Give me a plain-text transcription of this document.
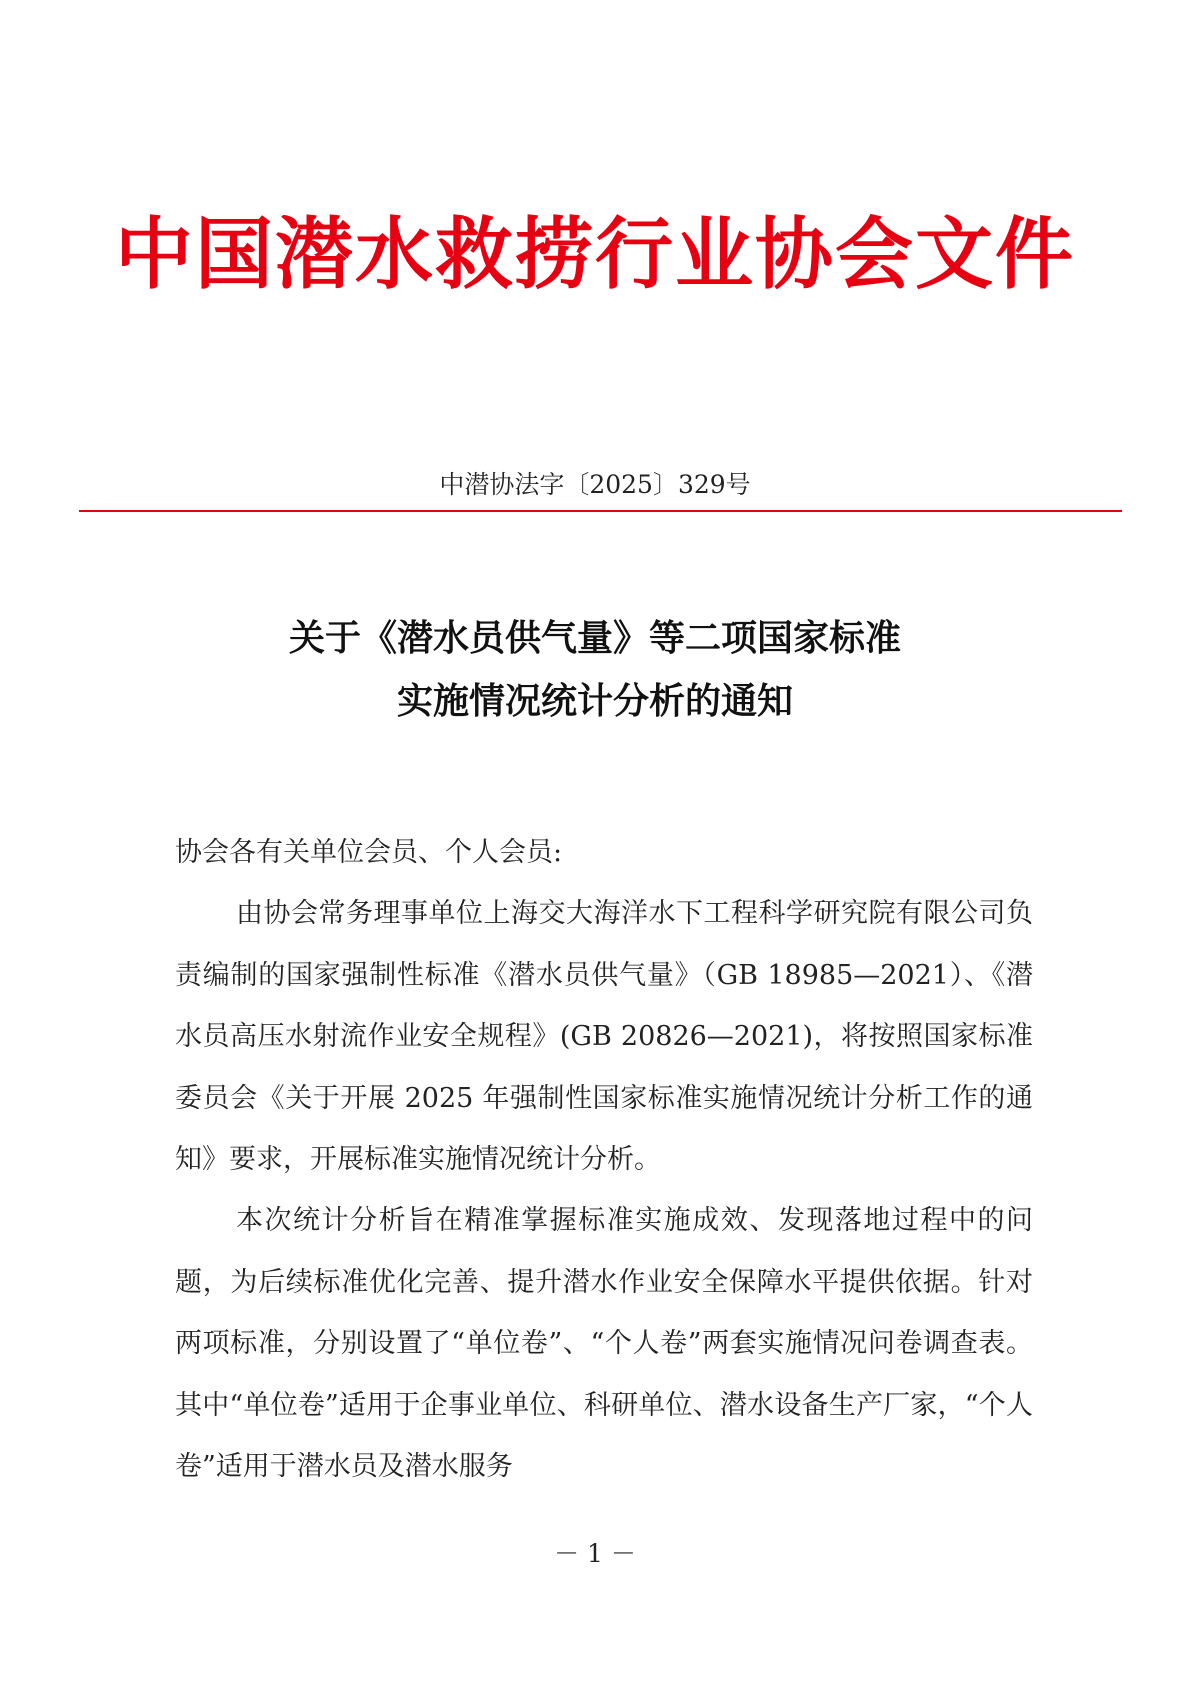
中国潜水救捞行业协会文件
中潜协法字〔2025〕329号
关于《潜水员供气量》等二项国家标准
实施情况统计分析的通知

协会各有关单位会员、个人会员:

由协会常务理事单位上海交大海洋水下工程科学研究院有限公司负责编制的国家强制性标准《潜水员供气量》（GB 18985—2021）、《潜水员高压水射流作业安全规程》(GB 20826—2021)，将按照国家标准委员会《关于开展 2025 年强制性国家标准实施情况统计分析工作的通知》要求，开展标准实施情况统计分析。

本次统计分析旨在精准掌握标准实施成效、发现落地过程中的问题，为后续标准优化完善、提升潜水作业安全保障水平提供依据。针对两项标准，分别设置了“单位卷”、“个人卷”两套实施情况问卷调查表。其中“单位卷”适用于企事业单位、科研单位、潜水设备生产厂家，“个人卷”适用于潜水员及潜水服务

－ 1 －
